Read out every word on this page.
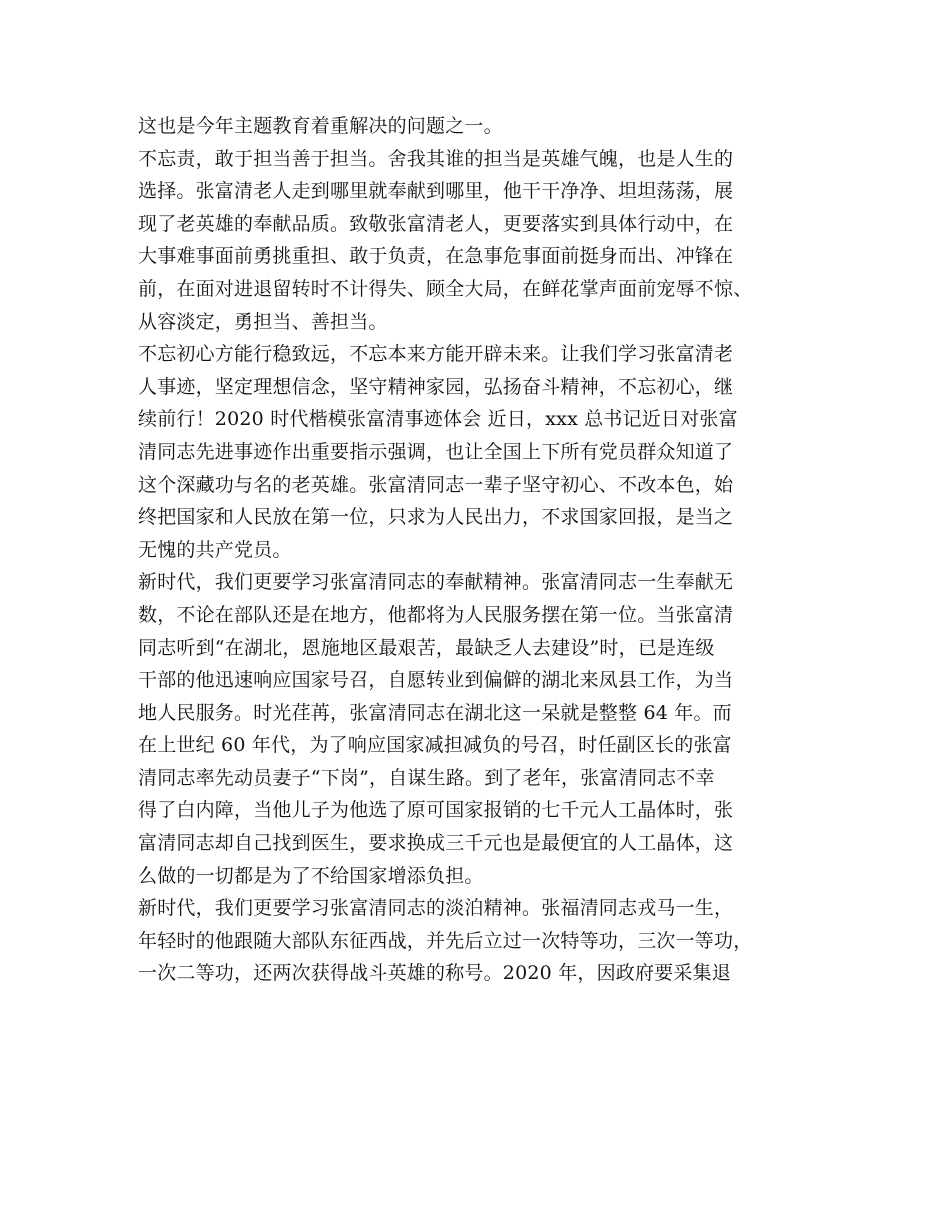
这也是今年主题教育着重解决的问题之一。
不忘责，敢于担当善于担当。舍我其谁的担当是英雄气魄，也是人生的
选择。张富清老人走到哪里就奉献到哪里，他干干净净、坦坦荡荡，展
现了老英雄的奉献品质。致敬张富清老人，更要落实到具体行动中，在
大事难事面前勇挑重担、敢于负责，在急事危事面前挺身而出、冲锋在
前，在面对进退留转时不计得失、顾全大局，在鲜花掌声面前宠辱不惊、
从容淡定，勇担当、善担当。
不忘初心方能行稳致远，不忘本来方能开辟未来。让我们学习张富清老
人事迹，坚定理想信念，坚守精神家园，弘扬奋斗精神，不忘初心，继
续前行！2020 时代楷模张富清事迹体会 近日，xxx 总书记近日对张富
清同志先进事迹作出重要指示强调，也让全国上下所有党员群众知道了
这个深藏功与名的老英雄。张富清同志一辈子坚守初心、不改本色，始
终把国家和人民放在第一位，只求为人民出力，不求国家回报，是当之
无愧的共产党员。
新时代，我们更要学习张富清同志的奉献精神。张富清同志一生奉献无
数，不论在部队还是在地方，他都将为人民服务摆在第一位。当张富清
同志听到“在湖北，恩施地区最艰苦，最缺乏人去建设”时，已是连级
干部的他迅速响应国家号召，自愿转业到偏僻的湖北来凤县工作，为当
地人民服务。时光荏苒，张富清同志在湖北这一呆就是整整 64 年。而
在上世纪 60 年代，为了响应国家减担减负的号召，时任副区长的张富
清同志率先动员妻子“下岗”，自谋生路。到了老年，张富清同志不幸
得了白内障，当他儿子为他选了原可国家报销的七千元人工晶体时，张
富清同志却自己找到医生，要求换成三千元也是最便宜的人工晶体，这
么做的一切都是为了不给国家增添负担。
新时代，我们更要学习张富清同志的淡泊精神。张福清同志戎马一生，
年轻时的他跟随大部队东征西战，并先后立过一次特等功，三次一等功，
一次二等功，还两次获得战斗英雄的称号。2020 年，因政府要采集退
